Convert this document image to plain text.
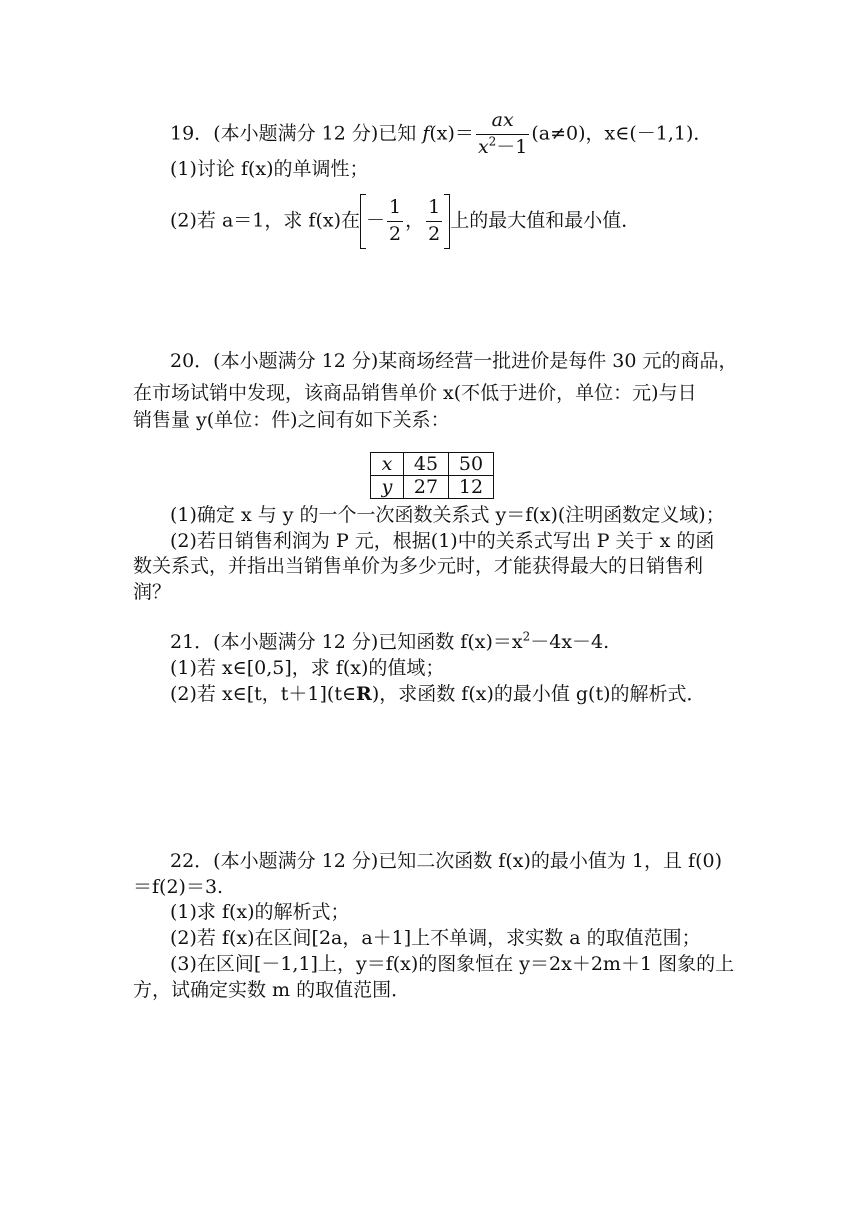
19．(本小题满分 12 分)已知 $f(x)= \frac{ax}{x^2-1} (a\ne 0)$，x∈(－1,1)．
(1)讨论 f(x)的单调性；
(2)若 a＝1，求 f(x)在 － $\frac{1}{2}$ ， $\frac{1}{2}$ 上的最大值和最小值．
20．(本小题满分 12 分)某商场经营一批进价是每件 30 元的商品，
在市场试销中发现，该商品销售单价 x(不低于进价，单位：元)与日
销售量 y(单位：件)之间有如下关系：
x	45	50
y	27	12
(1)确定 x 与 y 的一个一次函数关系式 y＝f(x)(注明函数定义域)；
(2)若日销售利润为 P 元，根据(1)中的关系式写出 P 关于 x 的函
数关系式，并指出当销售单价为多少元时，才能获得最大的日销售利
润？
21．(本小题满分 12 分)已知函数 $f(x)=x^2-4x-4$.
(1)若 x∈[0,5]，求 f(x)的值域；
(2)若 x∈[t，t＋1](t∈R)，求函数 f(x)的最小值 g(t)的解析式．
22．(本小题满分 12 分)已知二次函数 f(x)的最小值为 1，且 f(0)
＝f(2)＝3.
(1)求 f(x)的解析式；
(2)若 f(x)在区间[2a，a＋1]上不单调，求实数 a 的取值范围；
(3)在区间[－1,1]上，y＝f(x)的图象恒在 y＝2x＋2m＋1 图象的上
方，试确定实数 m 的取值范围．
